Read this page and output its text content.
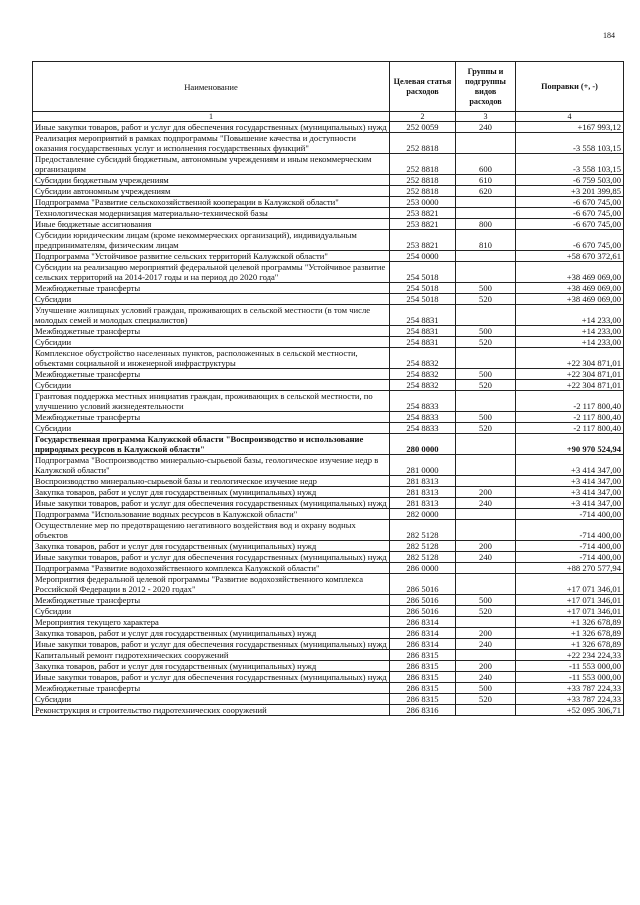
184
Наименование	Целевая статья расходов	Группы и подгруппы видов расходов	Поправки (+, -)
1	2	3	4
Иные закупки товаров, работ и услуг для обеспечения государственных (муниципальных) нужд	252 0059	240	+167 993,12
Реализация мероприятий в рамках подпрограммы "Повышение качества и доступности оказания государственных услуг и исполнения государственных функций"	252 8818		-3 558 103,15
Предоставление субсидий бюджетным, автономным учреждениям и иным некоммерческим организациям	252 8818	600	-3 558 103,15
Субсидии бюджетным учреждениям	252 8818	610	-6 759 503,00
Субсидии автономным учреждениям	252 8818	620	+3 201 399,85
Подпрограмма "Развитие сельскохозяйственной кооперации в Калужской области"	253 0000		-6 670 745,00
Технологическая модернизация материально-технической базы	253 8821		-6 670 745,00
Иные бюджетные ассигнования	253 8821	800	-6 670 745,00
Субсидии юридическим лицам (кроме некоммерческих организаций), индивидуальным предпринимателям, физическим лицам	253 8821	810	-6 670 745,00
Подпрограмма "Устойчивое развитие сельских территорий Калужской области"	254 0000		+58 670 372,61
Субсидии на реализацию мероприятий федеральной целевой программы "Устойчивое развитие сельских территорий на 2014-2017 годы и на период до 2020 года"	254 5018		+38 469 069,00
Межбюджетные трансферты	254 5018	500	+38 469 069,00
Субсидии	254 5018	520	+38 469 069,00
Улучшение жилищных условий граждан, проживающих в сельской местности (в том числе молодых семей и молодых специалистов)	254 8831		+14 233,00
Межбюджетные трансферты	254 8831	500	+14 233,00
Субсидии	254 8831	520	+14 233,00
Комплексное обустройство населенных пунктов, расположенных в сельской местности, объектами социальной и инженерной инфраструктуры	254 8832		+22 304 871,01
Межбюджетные трансферты	254 8832	500	+22 304 871,01
Субсидии	254 8832	520	+22 304 871,01
Грантовая поддержка местных инициатив граждан, проживающих в сельской местности, по улучшению условий жизнедеятельности	254 8833		-2 117 800,40
Межбюджетные трансферты	254 8833	500	-2 117 800,40
Субсидии	254 8833	520	-2 117 800,40
Государственная программа Калужской области "Воспроизводство и использование природных ресурсов в Калужской области"	280 0000		+90 970 524,94
Подпрограмма "Воспроизводство минерально-сырьевой базы, геологическое изучение недр в Калужской области"	281 0000		+3 414 347,00
Воспроизводство минерально-сырьевой базы и геологическое изучение недр	281 8313		+3 414 347,00
Закупка товаров, работ и услуг для государственных (муниципальных) нужд	281 8313	200	+3 414 347,00
Иные закупки товаров, работ и услуг для обеспечения государственных (муниципальных) нужд	281 8313	240	+3 414 347,00
Подпрограмма "Использование водных ресурсов в Калужской области"	282 0000		-714 400,00
Осуществление мер по предотвращению негативного воздействия вод и охрану водных объектов	282 5128		-714 400,00
Закупка товаров, работ и услуг для государственных (муниципальных) нужд	282 5128	200	-714 400,00
Иные закупки товаров, работ и услуг для обеспечения государственных (муниципальных) нужд	282 5128	240	-714 400,00
Подпрограмма "Развитие водохозяйственного комплекса Калужской области"	286 0000		+88 270 577,94
Мероприятия федеральной целевой программы "Развитие водохозяйственного комплекса Российской Федерации в 2012 - 2020 годах"	286 5016		+17 071 346,01
Межбюджетные трансферты	286 5016	500	+17 071 346,01
Субсидии	286 5016	520	+17 071 346,01
Мероприятия текущего характера	286 8314		+1 326 678,89
Закупка товаров, работ и услуг для государственных (муниципальных) нужд	286 8314	200	+1 326 678,89
Иные закупки товаров, работ и услуг для обеспечения государственных (муниципальных) нужд	286 8314	240	+1 326 678,89
Капитальный ремонт гидротехнических сооружений	286 8315		+22 234 224,33
Закупка товаров, работ и услуг для государственных (муниципальных) нужд	286 8315	200	-11 553 000,00
Иные закупки товаров, работ и услуг для обеспечения государственных (муниципальных) нужд	286 8315	240	-11 553 000,00
Межбюджетные трансферты	286 8315	500	+33 787 224,33
Субсидии	286 8315	520	+33 787 224,33
Реконструкция и строительство гидротехнических сооружений	286 8316		+52 095 306,71
